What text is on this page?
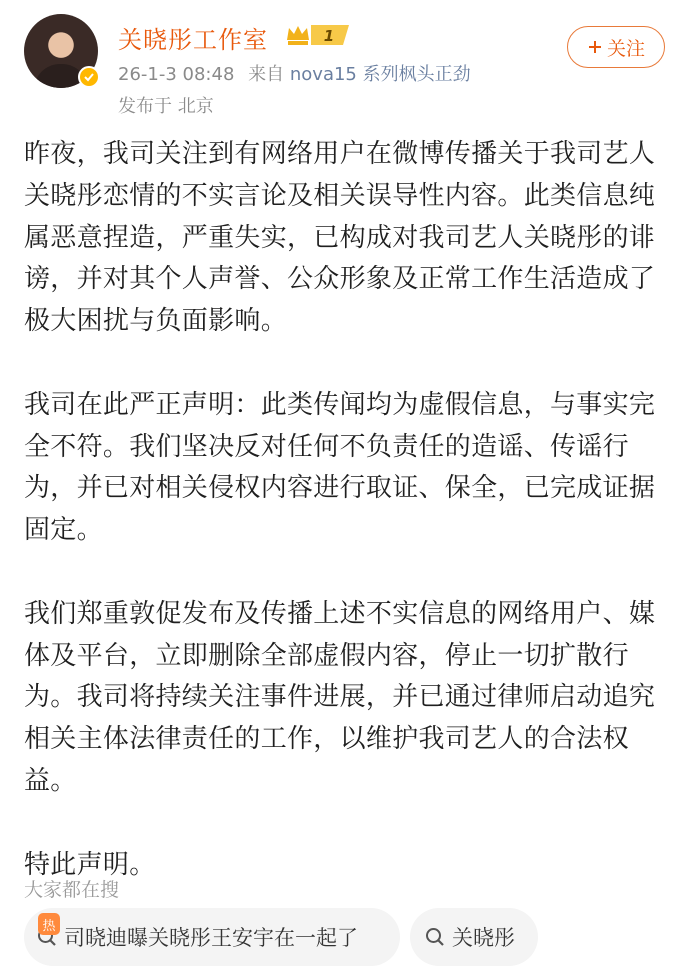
关晓彤工作室	1
26-1-3 08:48 来自 nova15 系列枫头正劲
发布于 北京
关注

昨夜，我司关注到有网络用户在微博传播关于我司艺人关晓彤恋情的不实言论及相关误导性内容。此类信息纯属恶意捏造，严重失实，已构成对我司艺人关晓彤的诽谤，并对其个人声誉、公众形象及正常工作生活造成了极大困扰与负面影响。

我司在此严正声明：此类传闻均为虚假信息，与事实完全不符。我们坚决反对任何不负责任的造谣、传谣行为，并已对相关侵权内容进行取证、保全，已完成证据固定。

我们郑重敦促发布及传播上述不实信息的网络用户、媒体及平台，立即删除全部虚假内容，停止一切扩散行为。我司将持续关注事件进展，并已通过律师启动追究相关主体法律责任的工作，以维护我司艺人的合法权益。

特此声明。

大家都在搜
司晓迪曝关晓彤王安宇在一起了
热	关晓彤
